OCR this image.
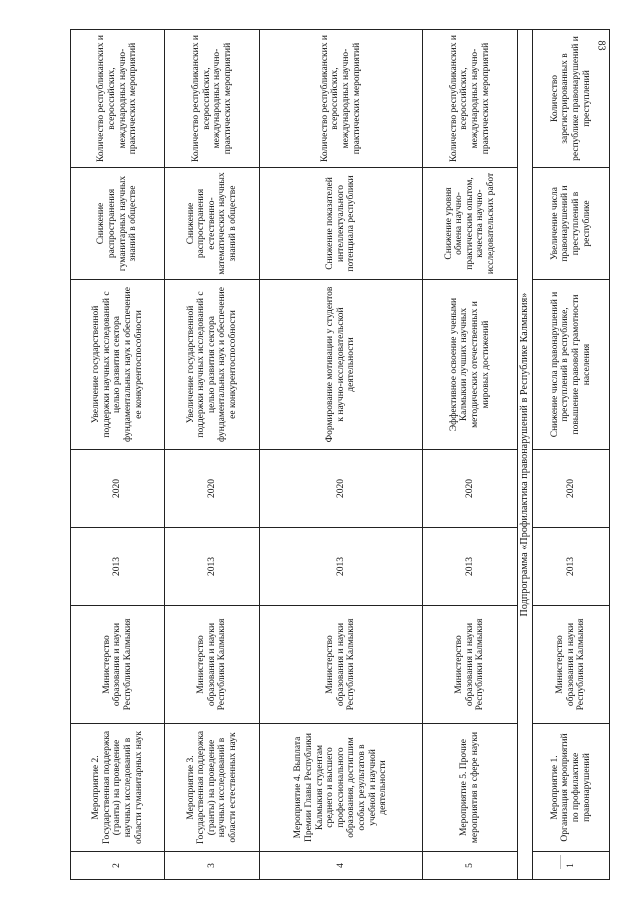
83
2	Мероприятие 2. Государственная поддержка (гранты) на проведение научных исследований в области гуманитарных наук	Министерство образования и науки Республики Калмыкия	2013	2020	Увеличение государственной поддержки научных исследований с целью развития сектора фундаментальных наук и обеспечение ее конкурентоспособности	Снижение распространения гуманитарных научных знаний в обществе	Количество республиканских и всероссийских, международных научно-практических мероприятий
3	Мероприятие 3. Государственная поддержка (гранты) на проведение научных исследований в области естественных наук	Министерство образования и науки Республики Калмыкия	2013	2020	Увеличение государственной поддержки научных исследований с целью развития сектора фундаментальных наук и обеспечение ее конкурентоспособности	Снижение распространения естественно-математических научных знаний в обществе	Количество республиканских и всероссийских, международных научно-практических мероприятий
4	Мероприятие 4. Выплата Премии Главы Республики Калмыкия студентам среднего и высшего профессионального образования, достигшим особых результатов в учебной и научной деятельности	Министерство образования и науки Республики Калмыкия	2013	2020	Формирование мотивации у студентов к научно-исследовательской деятельности	Снижение показателей интеллектуального потенциала республики	Количество республиканских и всероссийских, международных научно-практических мероприятий
5	Мероприятие 5. Прочие мероприятия в сфере науки	Министерство образования и науки Республики Калмыкия	2013	2020	Эффективное освоение учеными Калмыкии лучших научных методических отечественных и мировых достижений	Снижение уровня обмена научно-практическим опытом, качества научно-исследовательских работ	Количество республиканских и всероссийских, международных научно-практических мероприятий
Подпрограмма «Профилактика правонарушений в Республике Калмыкия»							
1	Мероприятие 1. Организация мероприятий по профилактике правонарушений	Министерство образования и науки Республики Калмыкия	2013	2020	Снижение числа правонарушений и преступлений в республике, повышение правовой грамотности населения	Увеличение числа правонарушений и преступлений в республике	Количество зарегистрированных в республике правонарушений и преступлений
